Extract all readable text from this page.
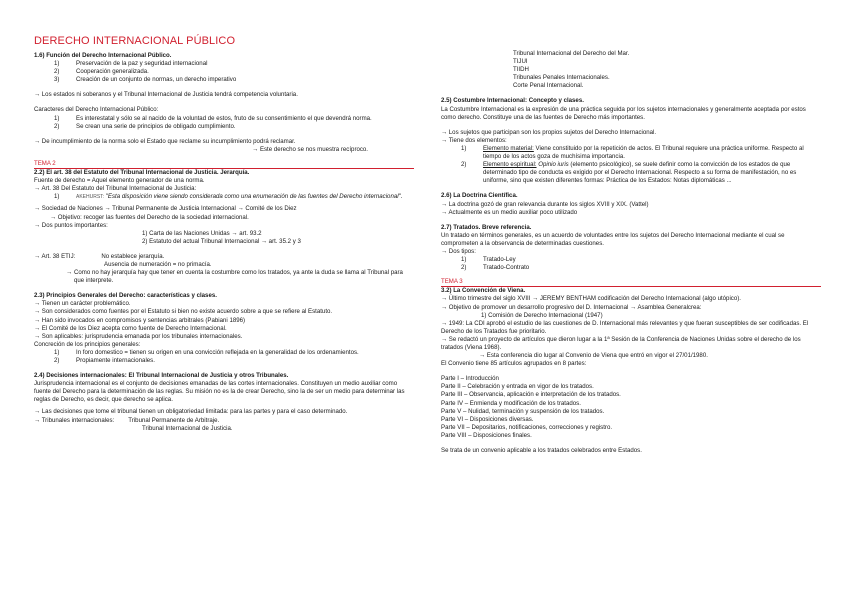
DERECHO INTERNACIONAL PÚBLICO
1.6) Función del Derecho Internacional Público.
1)	Preservación de la paz y seguridad internacional
2)	Cooperación generalizada.
3)	Creación de un conjunto de normas, un derecho imperativo
→ Los estados ni soberanos y el Tribunal Internacional de Justicia tendrá competencia voluntaria.
Caracteres del Derecho Internacional Público:
1)	Es interestatal y sólo se al nacido de la voluntad de estos, fruto de su consentimiento el que devendrá norma.
2)	Se crean una serie de principios de obligado cumplimiento.
→ De incumplimiento de la norma solo el Estado que reclame su incumplimiento podrá reclamar.
→ Este derecho se nos muestra recíproco.
TEMA 2
2.2) El art. 38 del Estatuto del Tribunal Internacional de Justicia. Jerarquía.
Fuente de derecho = Aquel elemento generador de una norma.
→ Art. 38 Del Estatuto del Tribunal Internacional de Justicia:
1)	AKEHURST: "Esta disposición viene siendo considerada como una enumeración de las fuentes del Derecho internacional".
→ Sociedad de Naciones → Tribunal Permanente de Justicia Internacional → Comité de los Diez
→ Objetivo: recoger las fuentes del Derecho de la sociedad internacional.
→ Dos puntos importantes:
1) Carta de las Naciones Unidas → art. 93.2
2) Estatuto del actual Tribunal Internacional → art. 35.2 y 3
→ Art. 38 ETIJ:	No establece jerarquía.
Ausencia de numeración = no primacía.
→ Como no hay jerarquía hay que tener en cuenta la costumbre como los tratados, ya ante la duda se llama al Tribunal para que interprete.
2.3) Principios Generales del Derecho: características y clases.
→ Tienen un carácter problemático.
→ Son considerados como fuentes por el Estatuto si bien no existe acuerdo sobre a que se refiere al Estatuto.
→ Han sido invocados en compromisos y sentencias arbitrales (Pabiani 1896)
→ El Comité de los Diez acepta como fuente de Derecho Internacional.
→ Son aplicables: jurisprudencia emanada por los tribunales internacionales.
Concreción de los principios generales:
1)	In foro domestico = tienen su origen en una convicción reflejada en la generalidad de los ordenamientos.
2)	Propiamente internacionales.
2.4) Decisiones internacionales: El Tribunal Internacional de Justicia y otros Tribunales.
Jurisprudencia internacional es el conjunto de decisiones emanadas de las cortes internacionales. Constituyen un medio auxiliar como fuente del Derecho para la determinación de las reglas. Su misión no es la de crear Derecho, sino la de ser un medio para determinar las reglas de Derecho, es decir, que derecho se aplica.
→ Las decisiones que tome el tribunal tienen un obligatoriedad limitada: para las partes y para el caso determinado.
→ Tribunales internacionales: Tribunal Permanente de Arbitraje.
Tribunal Internacional de Justicia.
Tribunal Internacional del Derecho del Mar.
TIJUI
TIIDH
Tribunales Penales Internacionales.
Corte Penal Internacional.
2.5) Costumbre Internacional: Concepto y clases.
La Costumbre Internacional es la expresión de una práctica seguida por los sujetos internacionales y generalmente aceptada por estos como derecho. Constituye una de las fuentes de Derecho más importantes.
→ Los sujetos que participan son los propios sujetos del Derecho Internacional.
→ Tiene dos elementos:
1)	Elemento material: Viene constituido por la repetición de actos. El Tribunal requiere una práctica uniforme. Respecto al tiempo de los actos goza de muchísima importancia.
2)	Elemento espiritual: Opinio iuris (elemento psicológico), se suele definir como la convicción de los estados de que determinado tipo de conducta es exigido por el Derecho Internacional. Respecto a su forma de manifestación, no es uniforme, sino que existen diferentes formas: Práctica de los Estados: Notas diplomáticas ...
2.6) La Doctrina Científica.
→ La doctrina gozó de gran relevancia durante los siglos XVIII y XIX. (Vattel)
→ Actualmente es un medio auxiliar poco utilizado
2.7) Tratados. Breve referencia.
Un tratado en términos generales, es un acuerdo de voluntades entre los sujetos del Derecho Internacional mediante el cual se comprometen a la observancia de determinadas cuestiones.
→ Dos tipos:
1)	Tratado-Ley
2)	Tratado-Contrato
TEMA 3
3.2) La Convención de Viena.
→ Último trimestre del siglo XVIII → JEREMY BENTHAM codificación del Derecho Internacional (algo utópico).
→ Objetivo de promover un desarrollo progresivo del D. Internacional → Asamblea Generalcrea:
1) Comisión de Derecho Internacional (1947)
→ 1949: La CDI aprobó el estudio de las cuestiones de D. Internacional más relevantes y que fueran susceptibles de ser codificadas. El Derecho de los Tratados fue prioritario.
→ Se redactó un proyecto de artículos que dieron lugar a la 1ª Sesión de la Conferencia de Naciones Unidas sobre el derecho de los tratados (Viena 1968).
→ Esta conferencia dio lugar al Convenio de Viena que entró en vigor el 27/01/1980.
El Convenio tiene 85 artículos agrupados en 8 partes:
Parte I – Introducción
Parte II – Celebración y entrada en vigor de los tratados.
Parte III – Observancia, aplicación e interpretación de los tratados.
Parte IV – Enmienda y modificación de los tratados.
Parte V – Nulidad, terminación y suspensión de los tratados.
Parte VI – Disposiciones diversas.
Parte VII – Depositarios, notificaciones, correcciones y registro.
Parte VIII – Disposiciones finales.
Se trata de un convenio aplicable a los tratados celebrados entre Estados.
